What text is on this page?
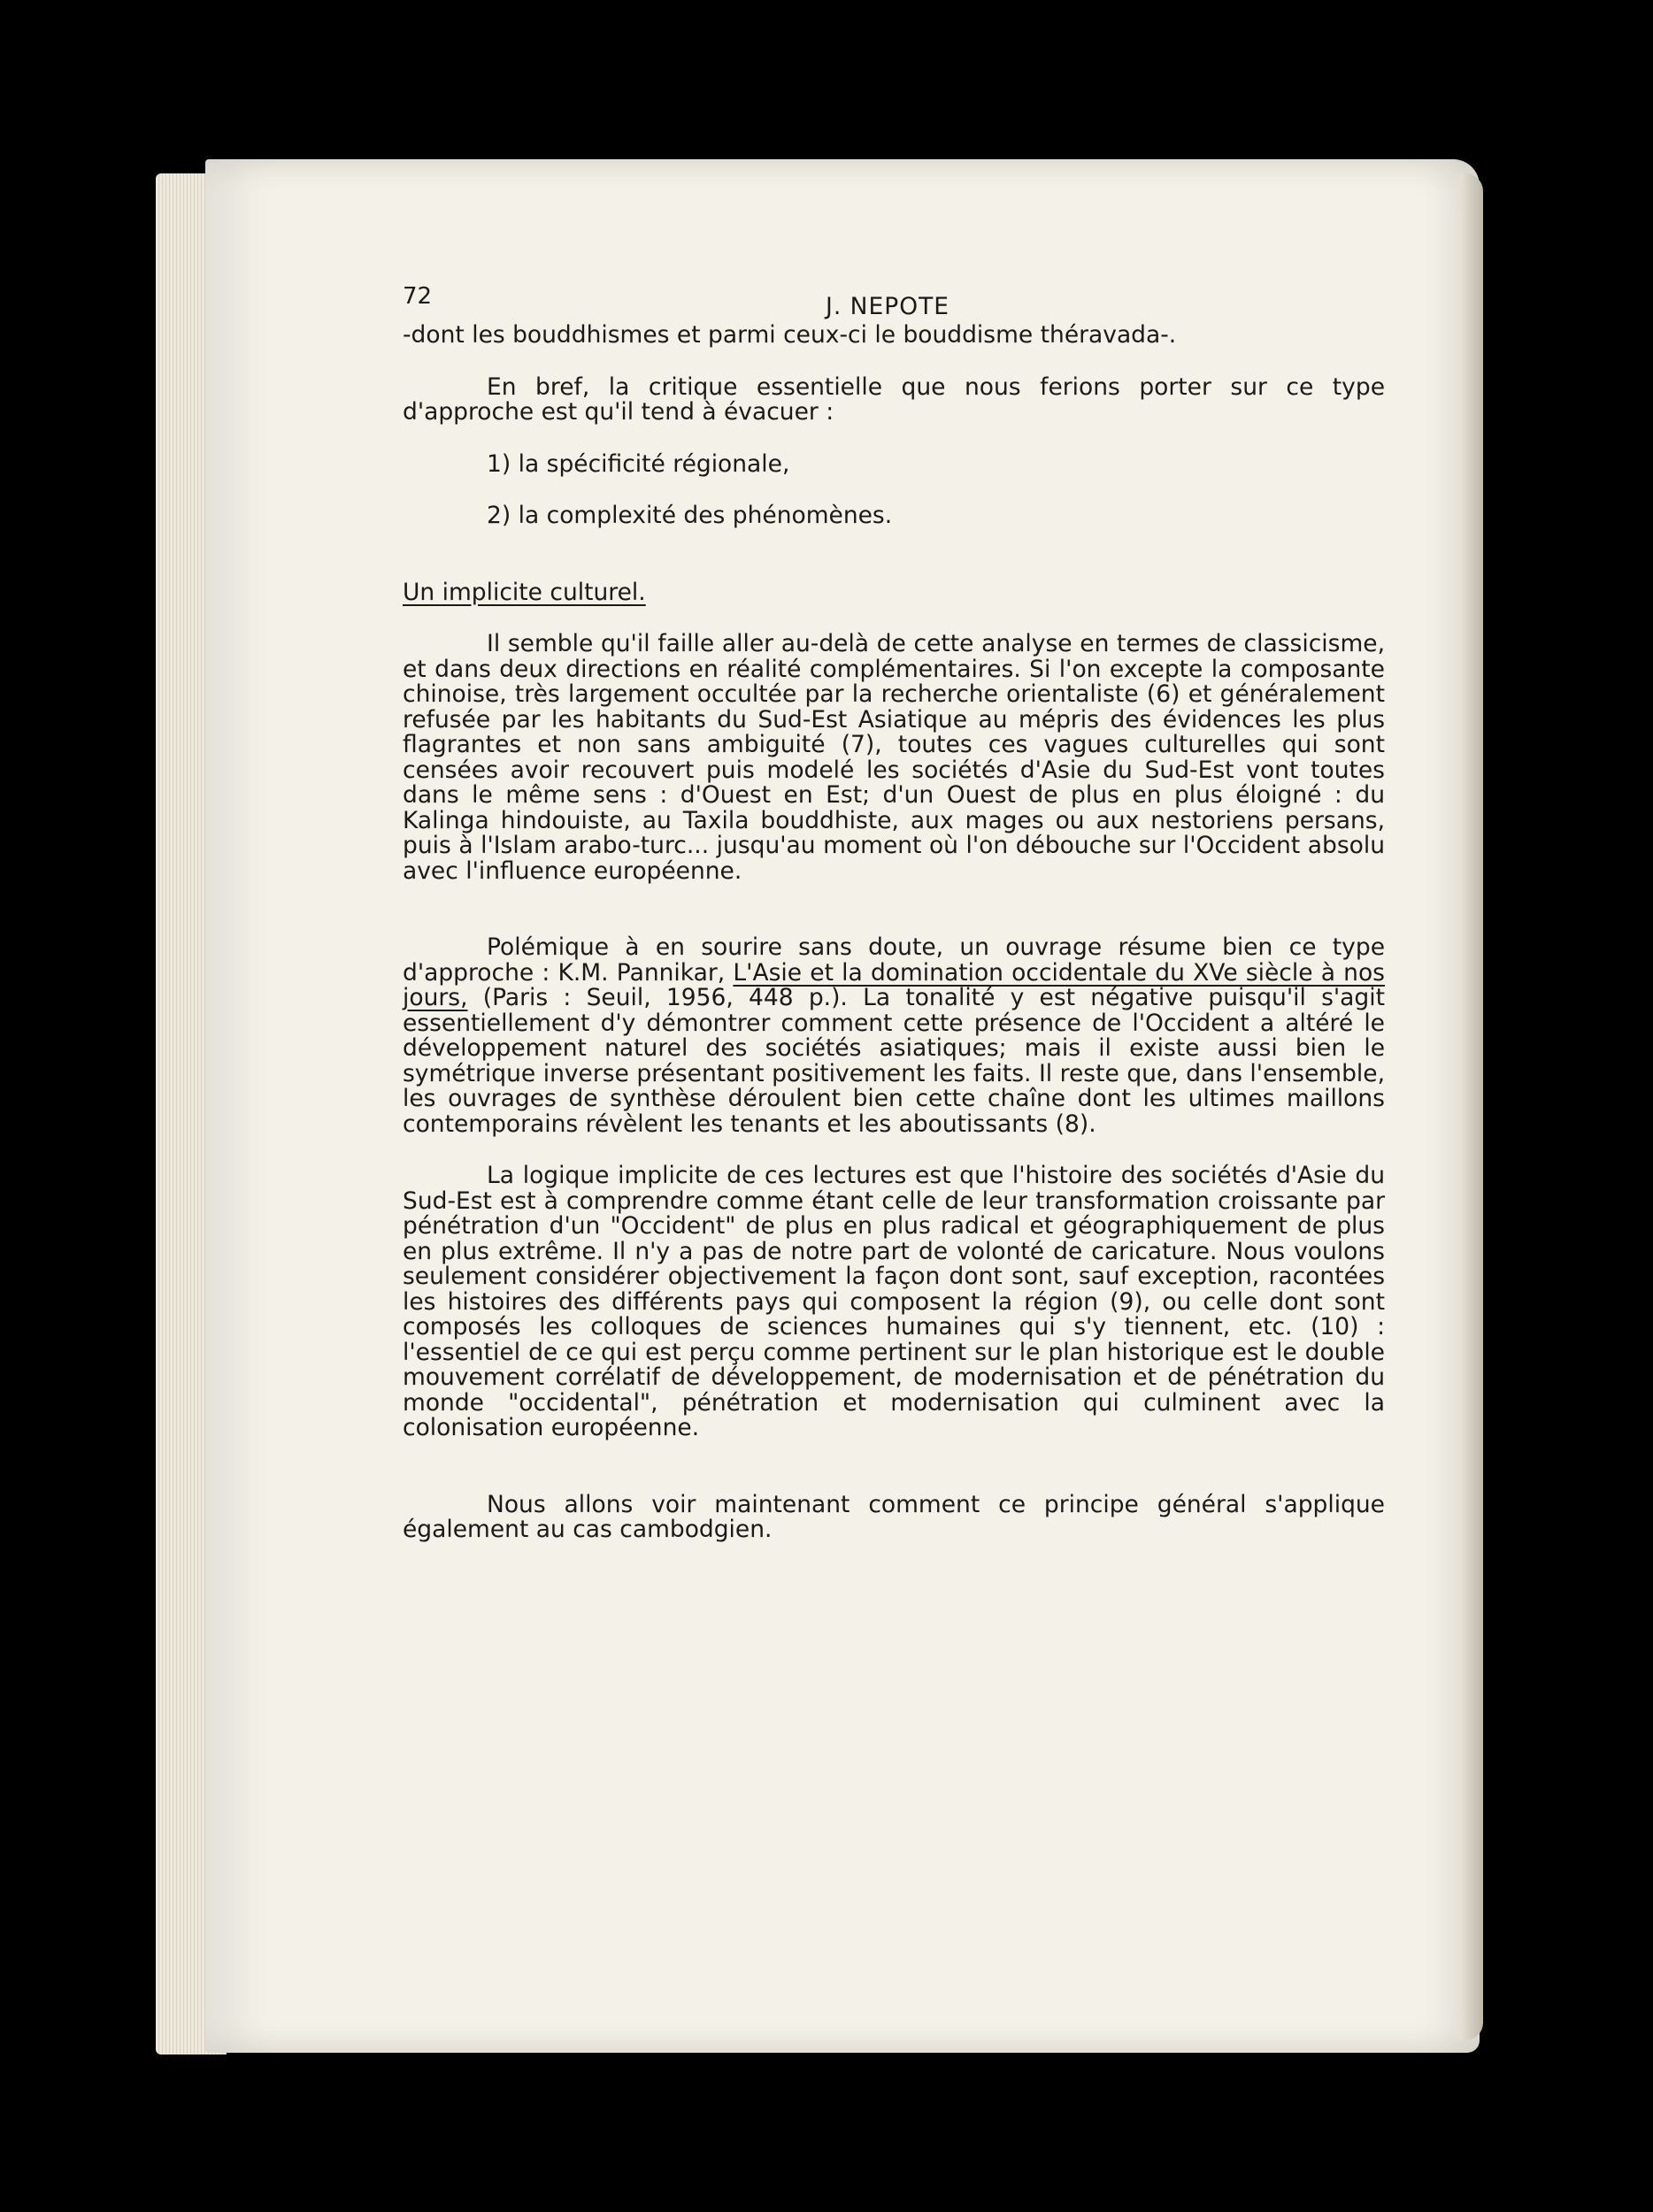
72	J. NEPOTE

-dont les bouddhismes et parmi ceux-ci le bouddisme théravada-.

En bref, la critique essentielle que nous ferions porter sur ce type d'approche est qu'il tend à évacuer :

1) la spécificité régionale,

2) la complexité des phénomènes.

Un implicite culturel.

Il semble qu'il faille aller au-delà de cette analyse en termes de classicisme, et dans deux directions en réalité complémentaires. Si l'on excepte la composante chinoise, très largement occultée par la recherche orientaliste (6) et généralement refusée par les habitants du Sud-Est Asiatique au mépris des évidences les plus flagrantes et non sans ambiguité (7), toutes ces vagues culturelles qui sont censées avoir recouvert puis modelé les sociétés d'Asie du Sud-Est vont toutes dans le même sens : d'Ouest en Est; d'un Ouest de plus en plus éloigné : du Kalinga hindouiste, au Taxila bouddhiste, aux mages ou aux nestoriens persans, puis à l'Islam arabo-turc... jusqu'au moment où l'on débouche sur l'Occident absolu avec l'influence européenne.

Polémique à en sourire sans doute, un ouvrage résume bien ce type d'approche : K.M. Pannikar, L'Asie et la domination occidentale du XVe siècle à nos jours, (Paris : Seuil, 1956, 448 p.). La tonalité y est négative puisqu'il s'agit essentiellement d'y démontrer comment cette présence de l'Occident a altéré le développement naturel des sociétés asiatiques; mais il existe aussi bien le symétrique inverse présentant positivement les faits. Il reste que, dans l'ensemble, les ouvrages de synthèse déroulent bien cette chaîne dont les ultimes maillons contemporains révèlent les tenants et les aboutissants (8).

La logique implicite de ces lectures est que l'histoire des sociétés d'Asie du Sud-Est est à comprendre comme étant celle de leur transformation croissante par pénétration d'un "Occident" de plus en plus radical et géographiquement de plus en plus extrême. Il n'y a pas de notre part de volonté de caricature. Nous voulons seulement considérer objectivement la façon dont sont, sauf exception, racontées les histoires des différents pays qui composent la région (9), ou celle dont sont composés les colloques de sciences humaines qui s'y tiennent, etc. (10) : l'essentiel de ce qui est perçu comme pertinent sur le plan historique est le double mouvement corrélatif de développement, de modernisation et de pénétration du monde "occidental", pénétration et modernisation qui culminent avec la colonisation européenne.

Nous allons voir maintenant comment ce principe général s'applique également au cas cambodgien.
